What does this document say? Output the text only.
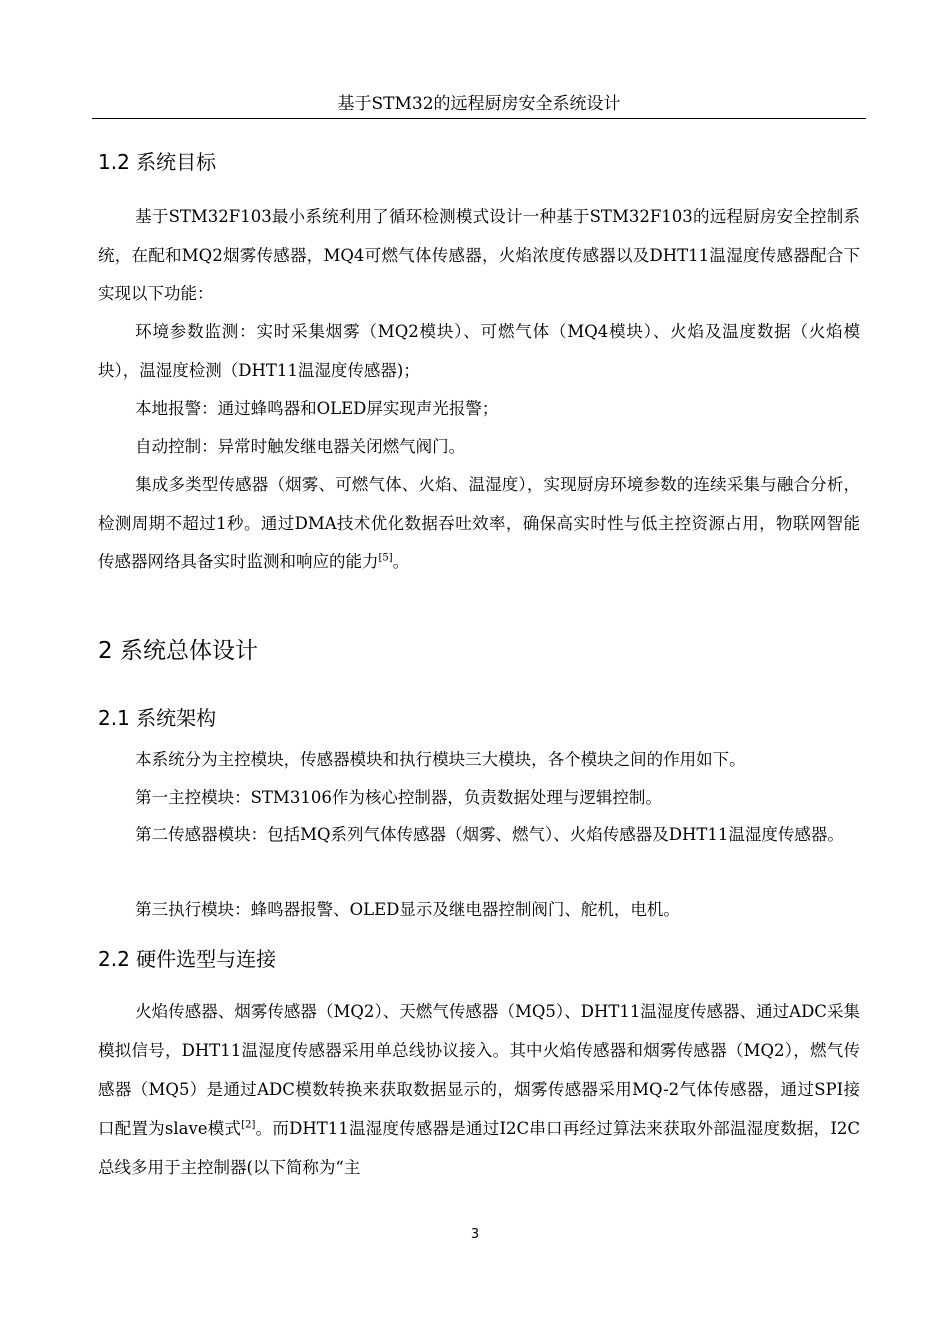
基于STM32的远程厨房安全系统设计
1.2 系统目标

基于STM32F103最小系统利用了循环检测模式设计一种基于STM32F103的远程厨房安全控制系统，在配和MQ2烟雾传感器，MQ4可燃气体传感器，火焰浓度传感器以及DHT11温湿度传感器配合下实现以下功能：

环境参数监测：实时采集烟雾（MQ2模块）、可燃气体（MQ4模块）、火焰及温度数据（火焰模块），温湿度检测（DHT11温湿度传感器)；

本地报警：通过蜂鸣器和OLED屏实现声光报警；

自动控制：异常时触发继电器关闭燃气阀门。

集成多类型传感器（烟雾、可燃气体、火焰、温湿度），实现厨房环境参数的连续采集与融合分析，检测周期不超过1秒。通过DMA技术优化数据吞吐效率，确保高实时性与低主控资源占用，物联网智能传感器网络具备实时监测和响应的能力[5]。

2 系统总体设计
2.1 系统架构

本系统分为主控模块，传感器模块和执行模块三大模块，各个模块之间的作用如下。

第一主控模块：STM3106作为核心控制器，负责数据处理与逻辑控制。

第二传感器模块：包括MQ系列气体传感器（烟雾、燃气）、火焰传感器及DHT11温湿度传感器。

第三执行模块：蜂鸣器报警、OLED显示及继电器控制阀门、舵机，电机。

2.2 硬件选型与连接

火焰传感器、烟雾传感器（MQ2）、天燃气传感器（MQ5）、DHT11温湿度传感器、通过ADC采集模拟信号，DHT11温湿度传感器采用单总线协议接入。其中火焰传感器和烟雾传感器（MQ2），燃气传感器（MQ5）是通过ADC模数转换来获取数据显示的，烟雾传感器采用MQ-2气体传感器，通过SPI接口配置为slave模式[2]。而DHT11温湿度传感器是通过I2C串口再经过算法来获取外部温湿度数据，I2C总线多用于主控制器(以下简称为“主

3
